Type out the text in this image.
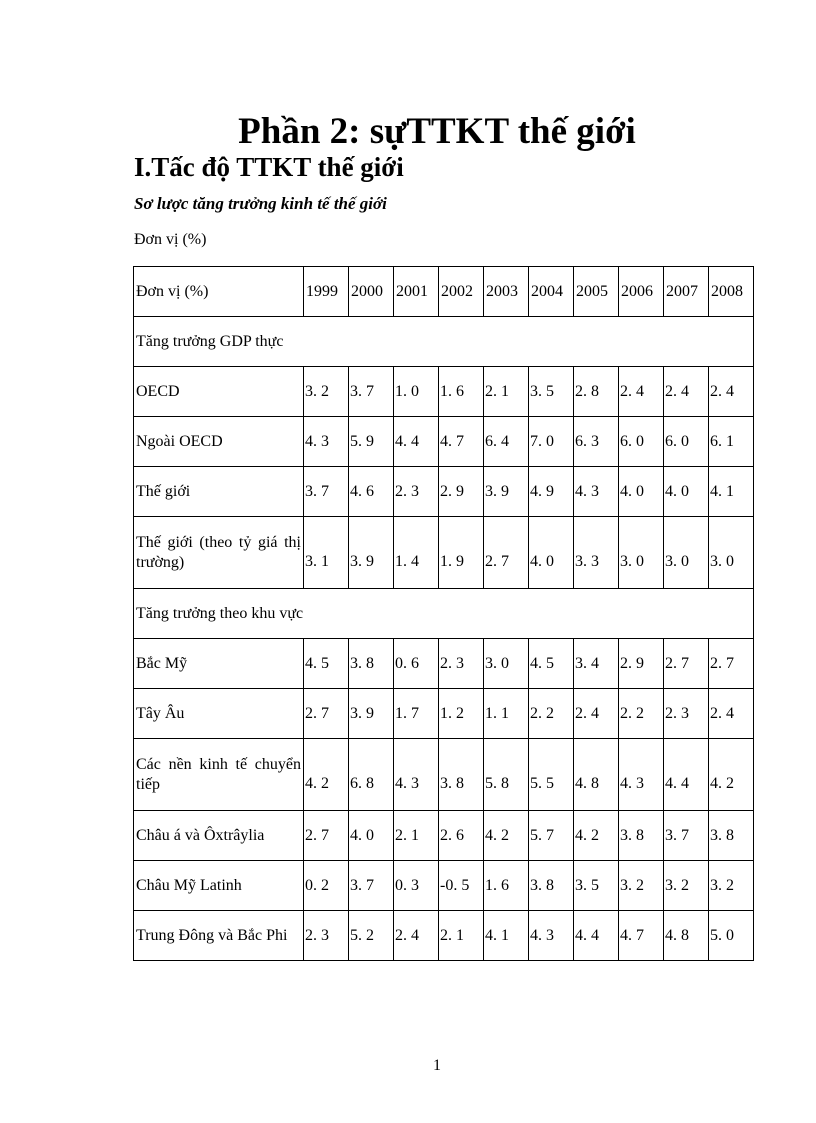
Phần 2: sựTTKT thế giới
I.Tấc độ TTKT thế giới
Sơ lược tăng trưởng kinh tế thế giới
Đơn vị (%)
Đơn vị (%)	1999	2000	2001	2002	2003	2004	2005	2006	2007	2008
Tăng trưởng GDP thực										
OECD	3. 2	3. 7	1. 0	1. 6	2. 1	3. 5	2. 8	2. 4	2. 4	2. 4
Ngoài OECD	4. 3	5. 9	4. 4	4. 7	6. 4	7. 0	6. 3	6. 0	6. 0	6. 1
Thế giới	3. 7	4. 6	2. 3	2. 9	3. 9	4. 9	4. 3	4. 0	4. 0	4. 1
Thế giới (theo tỷ giá thị trường)	3. 1	3. 9	1. 4	1. 9	2. 7	4. 0	3. 3	3. 0	3. 0	3. 0
Tăng trưởng theo khu vực										
Bắc Mỹ	4. 5	3. 8	0. 6	2. 3	3. 0	4. 5	3. 4	2. 9	2. 7	2. 7
Tây Âu	2. 7	3. 9	1. 7	1. 2	1. 1	2. 2	2. 4	2. 2	2. 3	2. 4
Các nền kinh tế chuyển tiếp	4. 2	6. 8	4. 3	3. 8	5. 8	5. 5	4. 8	4. 3	4. 4	4. 2
Châu á và Ôxtrâylia	2. 7	4. 0	2. 1	2. 6	4. 2	5. 7	4. 2	3. 8	3. 7	3. 8
Châu Mỹ Latinh	0. 2	3. 7	0. 3	-0. 5	1. 6	3. 8	3. 5	3. 2	3. 2	3. 2
Trung Đông và Bắc Phi	2. 3	5. 2	2. 4	2. 1	4. 1	4. 3	4. 4	4. 7	4. 8	5. 0
1
